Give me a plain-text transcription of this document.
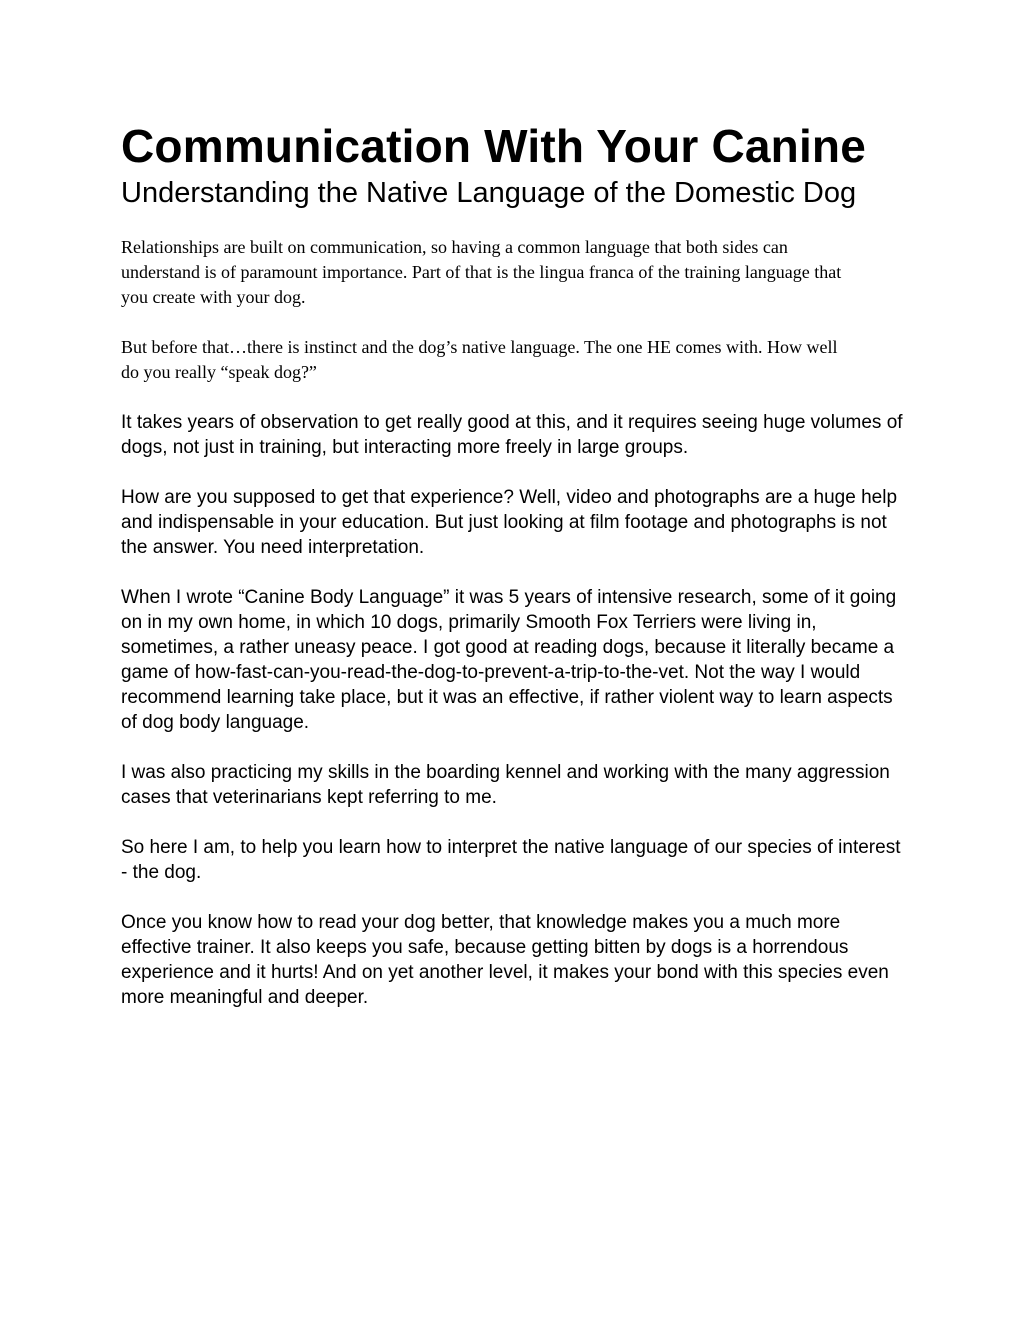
Communication With Your Canine
Understanding the Native Language of the Domestic Dog

Relationships are built on communication, so having a common language that both sides can understand is of paramount importance. Part of that is the lingua franca of the training language that you create with your dog.

But before that…there is instinct and the dog’s native language. The one HE comes with. How well do you really “speak dog?”

It takes years of observation to get really good at this, and it requires seeing huge volumes of dogs, not just in training, but interacting more freely in large groups.

How are you supposed to get that experience? Well, video and photographs are a huge help and indispensable in your education. But just looking at film footage and photographs is not the answer. You need interpretation.

When I wrote “Canine Body Language” it was 5 years of intensive research, some of it going on in my own home, in which 10 dogs, primarily Smooth Fox Terriers were living in, sometimes, a rather uneasy peace. I got good at reading dogs, because it literally became a game of how-fast-can-you-read-the-dog-to-prevent-a-trip-to-the-vet. Not the way I would recommend learning take place, but it was an effective, if rather violent way to learn aspects of dog body language.

I was also practicing my skills in the boarding kennel and working with the many aggression cases that veterinarians kept referring to me.

So here I am, to help you learn how to interpret the native language of our species of interest - the dog.

Once you know how to read your dog better, that knowledge makes you a much more effective trainer. It also keeps you safe, because getting bitten by dogs is a horrendous experience and it hurts! And on yet another level, it makes your bond with this species even more meaningful and deeper.
